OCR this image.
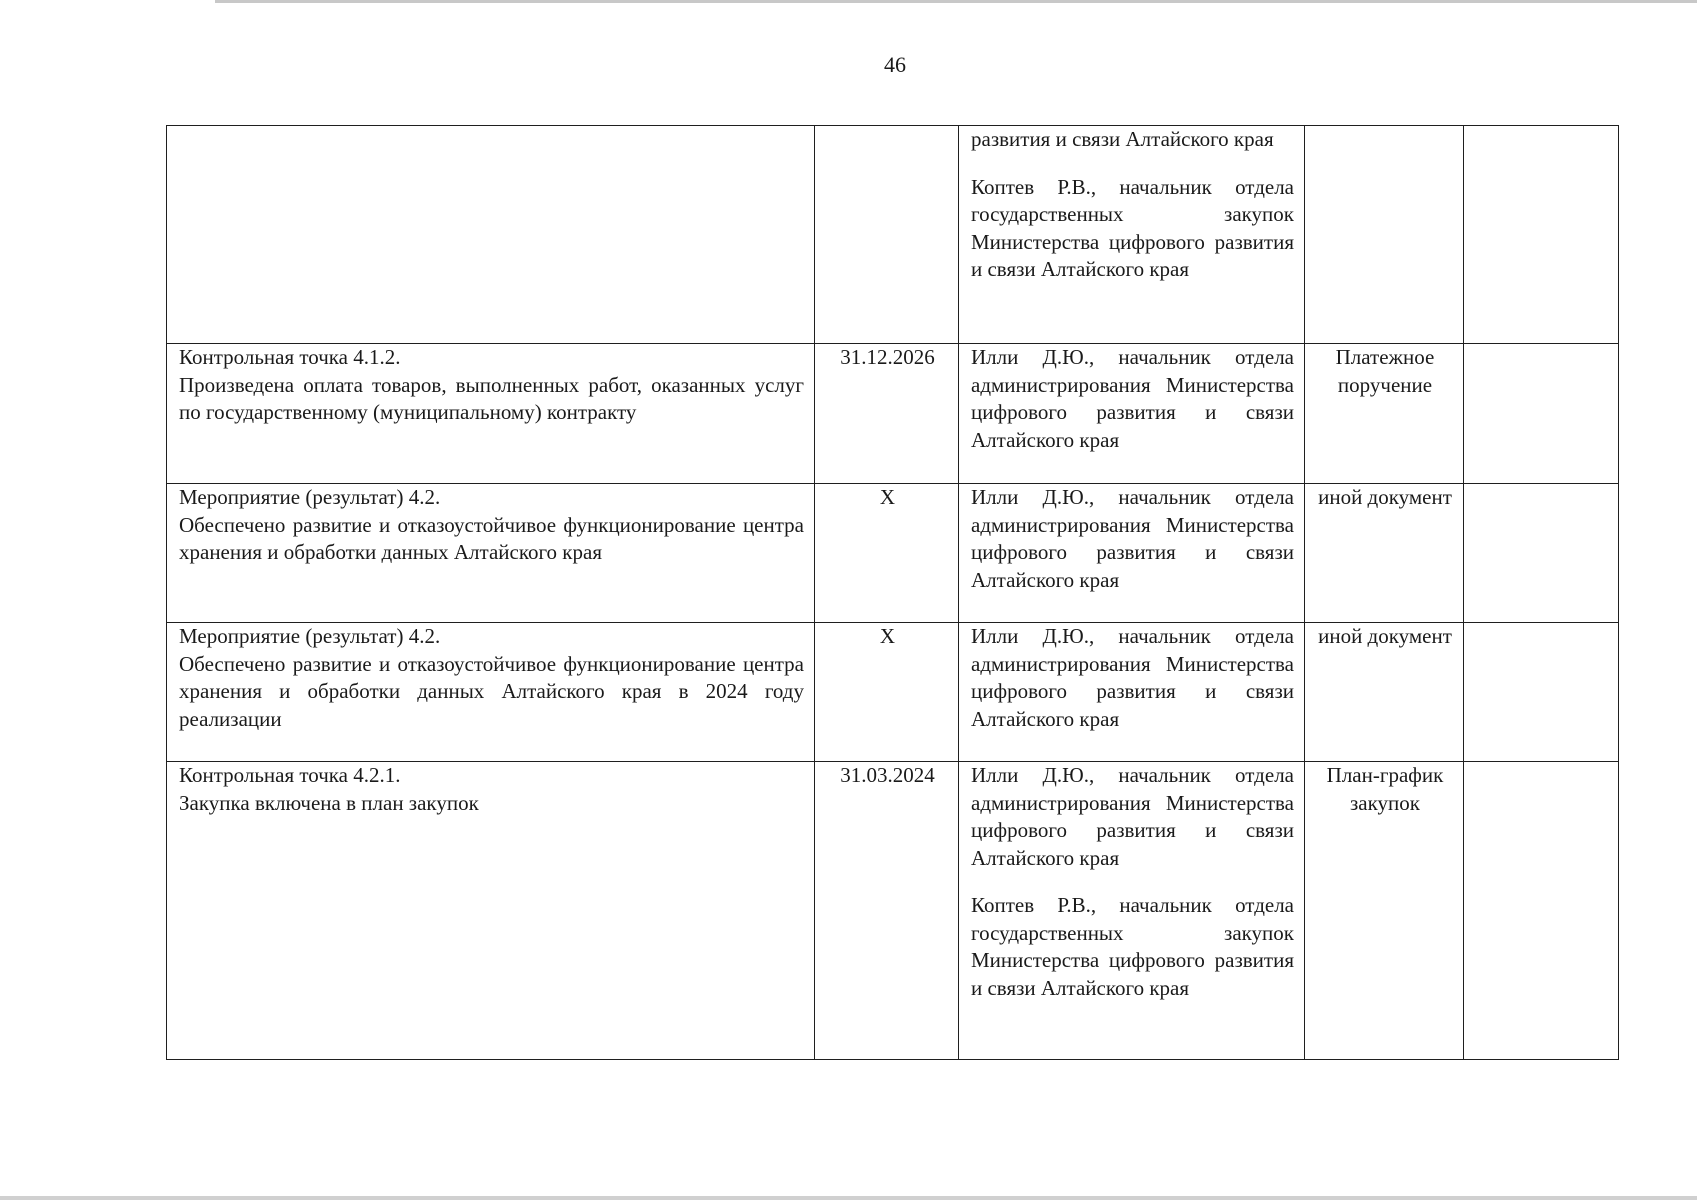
46

		развития и связи Алтайского края
Коптев Р.В., начальник отдела государственных закупок Министерства цифрового развития и связи Алтайского края		

Контрольная точка 4.1.2.
Произведена оплата товаров, выполненных работ, оказанных услуг по государственному (муниципальному) контракту	31.12.2026	Илли Д.Ю., начальник отдела администрирования Министерства цифрового развития и связи Алтайского края	Платежное поручение	

Мероприятие (результат) 4.2.
Обеспечено развитие и отказоустойчивое функционирование центра хранения и обработки данных Алтайского края	X	Илли Д.Ю., начальник отдела администрирования Министерства цифрового развития и связи Алтайского края	иной документ	

Мероприятие (результат) 4.2.
Обеспечено развитие и отказоустойчивое функционирование центра хранения и обработки данных Алтайского края в 2024 году реализации	X	Илли Д.Ю., начальник отдела администрирования Министерства цифрового развития и связи Алтайского края	иной документ	

Контрольная точка 4.2.1.
Закупка включена в план закупок	31.03.2024	Илли Д.Ю., начальник отдела администрирования Министерства цифрового развития и связи Алтайского края
Коптев Р.В., начальник отдела государственных закупок Министерства цифрового развития и связи Алтайского края	План-график закупок	
